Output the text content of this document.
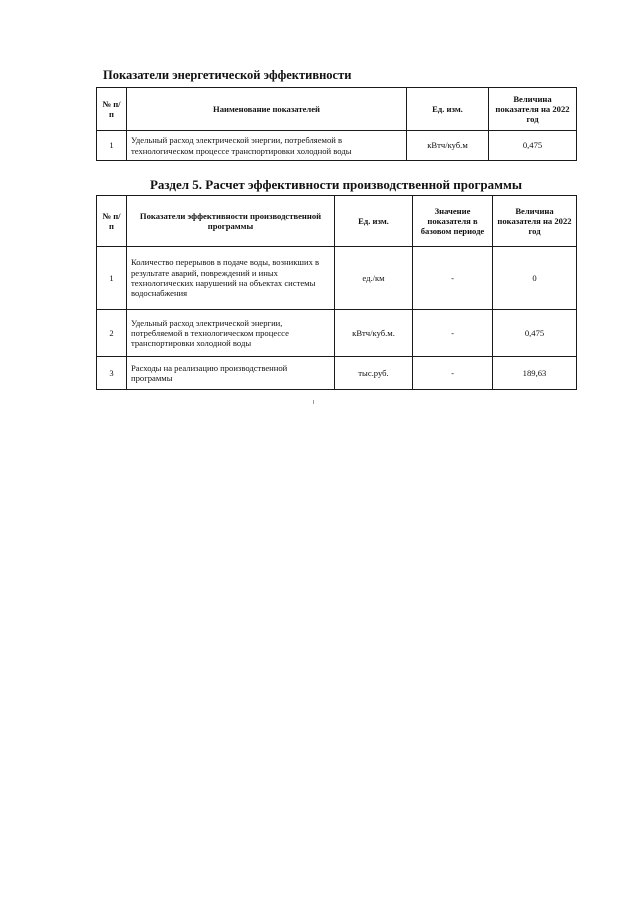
Показатели энергетической эффективности
№ п/п	Наименование показателей	Ед. изм.	Величина показателя на 2022 год
1	Удельный расход электрической энергии, потребляемой в технологическом процессе транспортировки холодной воды	кВтч/куб.м	0,475
Раздел 5. Расчет эффективности производственной программы
№ п/п	Показатели эффективности производственной программы	Ед. изм.	Значение показателя в базовом периоде	Величина показателя на 2022 год
1	Количество перерывов в подаче воды, возникших в результате аварий, повреждений и иных технологических нарушений на объектах системы водоснабжения	ед./км	-	0
2	Удельный расход электрической энергии, потребляемой в технологическом процессе транспортировки холодной воды	кВтч/куб.м.	-	0,475
3	Расходы на реализацию производственной программы	тыс.руб.	-	189,63
